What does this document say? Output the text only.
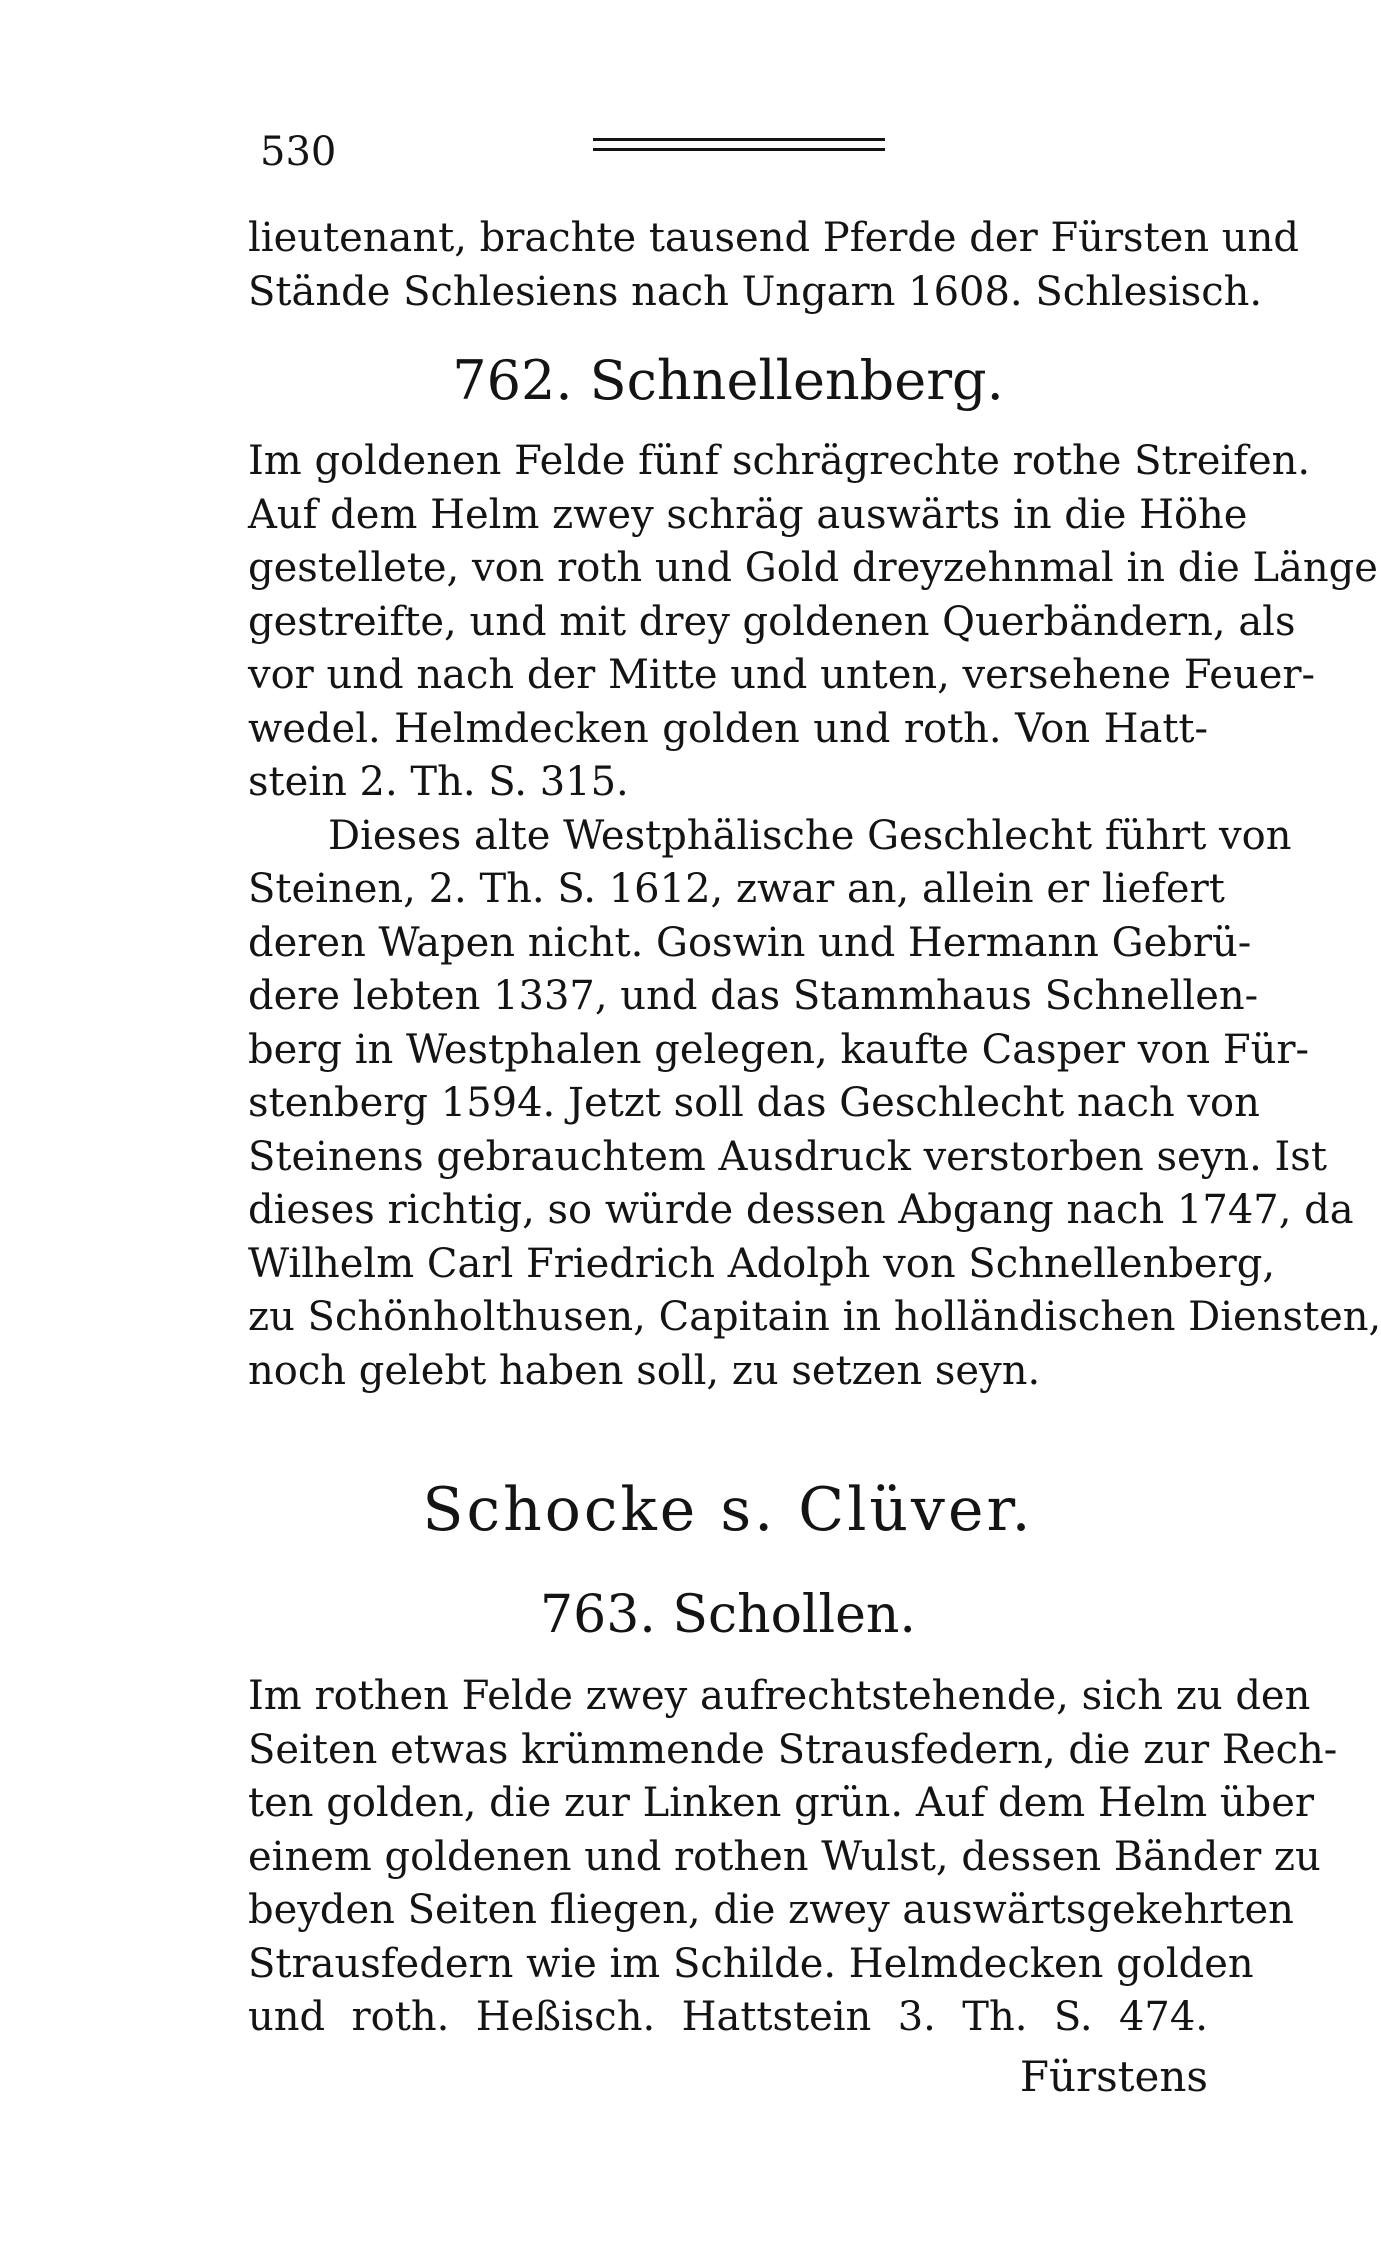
530
lieutenant, brachte tausend Pferde der Fürsten und
Stände Schlesiens nach Ungarn 1608. Schlesisch.
762. Schnellenberg.
Im goldenen Felde fünf schrägrechte rothe Streifen.
Auf dem Helm zwey schräg auswärts in die Höhe
gestellete, von roth und Gold dreyzehnmal in die Länge
gestreifte, und mit drey goldenen Querbändern, als
vor und nach der Mitte und unten, versehene Feuer-
wedel. Helmdecken golden und roth. Von Hatt-
stein 2. Th. S. 315.
Dieses alte Westphälische Geschlecht führt von
Steinen, 2. Th. S. 1612, zwar an, allein er liefert
deren Wapen nicht. Goswin und Hermann Gebrü-
dere lebten 1337, und das Stammhaus Schnellen-
berg in Westphalen gelegen, kaufte Casper von Für-
stenberg 1594. Jetzt soll das Geschlecht nach von
Steinens gebrauchtem Ausdruck verstorben seyn. Ist
dieses richtig, so würde dessen Abgang nach 1747, da
Wilhelm Carl Friedrich Adolph von Schnellenberg,
zu Schönholthusen, Capitain in holländischen Diensten,
noch gelebt haben soll, zu setzen seyn.
Schocke s. Clüver.
763. Schollen.
Im rothen Felde zwey aufrechtstehende, sich zu den
Seiten etwas krümmende Strausfedern, die zur Rech-
ten golden, die zur Linken grün. Auf dem Helm über
einem goldenen und rothen Wulst, dessen Bänder zu
beyden Seiten fliegen, die zwey auswärtsgekehrten
Strausfedern wie im Schilde. Helmdecken golden
und roth. Heßisch. Hattstein 3. Th. S. 474.
Fürstens
